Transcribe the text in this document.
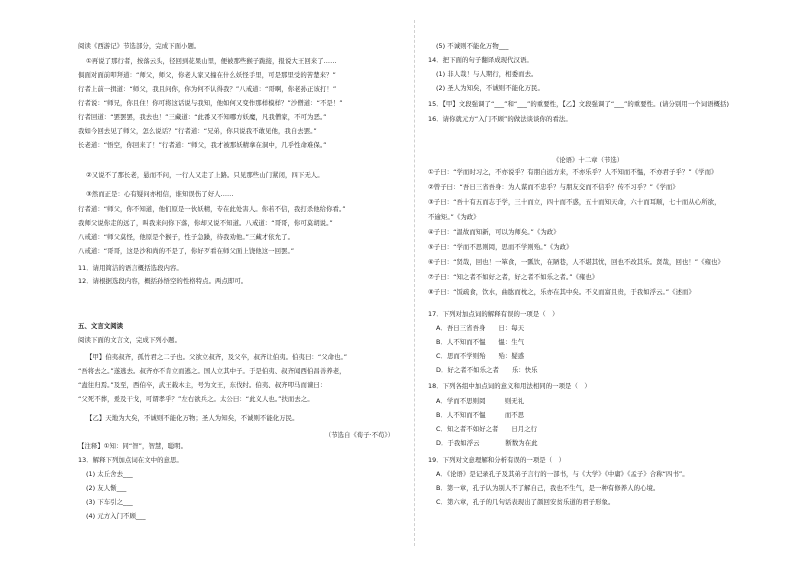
阅读《西游记》节选部分，完成下面小题。
①再说了那行者，按落云头，径回到花果山里，便被那些猴子跪接，报说大王回来了……
俱面对面前叩拜道：“师父，师父，你老人家又撞在什么妖怪手里，可是那里受的苦楚来？”
行者上前一揖道：“师父，我且问你，你为何不认得我？”八戒道：“哥啊，你老孙正该打！”
行者说：“师兄，你且住！你可将这话说与我知，他如何又变作那样模样？”沙僧道：“不是！”
行者回道：“罢罢罢，我去也！”三藏道：“此番又不知哪方妖魔，凡我僧家，不可为恶。”
我如今回去见了师父，怎么说话？”行者道：“兄弟，你只说我不敢见他，我自去罢。”
长老道：“悟空，你回来了！”行者道：“师父，我才被那妖精拿在洞中，几乎性命难保。”
②又说不了那长老，悬而不问，一行人又走了上路。只见那些山门紧闭，四下无人。
③然而正是：心有疑问亦相信，谁知误伤了好人……
行者道：“师父，你不知道，他们原是一伙妖精，专在此处害人。你若不信，我打杀他给你看。”
我师父说你走的远了，叫我来问你下落，你却又说不知道。八戒道：“哥哥，你可莫胡说。”
八戒道：“师父莫怪，他原是个猴子，性子急躁，待我劝他。”三藏才依允了。
八戒道：“哥哥，这是沙和尚的不是了，你好歹看在师父面上饶他这一回罢。”
11．请用简洁的语言概括选段内容。
12．请根据选段内容，概括孙悟空的性格特点。两点即可。
五、文言文阅读
阅读下面的文言文，完成下列小题。
【甲】伯夷叔齐，孤竹君之二子也。父欲立叔齐，及父卒，叔齐让伯夷。伯夷曰：“父命也。”
“吾将去之。”遂逃去。叔齐亦不肯立而逃之。国人立其中子。于是伯夷、叔齐闻西伯昌善养老，
“盍往归焉。”及至，西伯卒，武王载木主，号为文王，东伐纣。伯夷、叔齐叩马而谏曰：
“父死不葬，爰及干戈，可谓孝乎？”左右欲兵之。太公曰：“此义人也。”扶而去之。
【乙】天地为大矣，不诚则不能化万物；圣人为知矣，不诚则不能化万民。
（节选自《荀子·不苟》）
【注释】①知：同“智”，智慧，聪明。
13．解释下列加点词在文中的意思。
(1) 太丘舍去___
(2) 友人惭___
(3) 下车引之___
(4) 元方入门不顾___
(5) 不诚则不能化万物___
14．把下面的句子翻译成现代汉语。
(1) 非人哉！与人期行，相委而去。
(2) 圣人为知矣，不诚则不能化万民。
15．【甲】文段强调了“___”和“___”的重要性，【乙】文段强调了“___”的重要性。(请分别用一个词语概括)
16．请你就元方“入门不顾”的做法谈谈你的看法。
《论语》十二章（节选）
①子曰：“学而时习之，不亦说乎？有朋自远方来，不亦乐乎？人不知而不愠，不亦君子乎？”《学而》
②曾子曰：“吾日三省吾身：为人谋而不忠乎？与朋友交而不信乎？传不习乎？”《学而》
③子曰：“吾十有五而志于学，三十而立，四十而不惑，五十而知天命，六十而耳顺，七十而从心所欲，
不逾矩。”《为政》
④子曰：“温故而知新，可以为师矣。”《为政》
⑤子曰：“学而不思则罔，思而不学则殆。”《为政》
⑥子曰：“贤哉，回也！一箪食，一瓢饮，在陋巷，人不堪其忧，回也不改其乐。贤哉，回也！”《雍也》
⑦子曰：“知之者不如好之者，好之者不如乐之者。”《雍也》
⑧子曰：“饭疏食，饮水，曲肱而枕之，乐亦在其中矣。不义而富且贵，于我如浮云。”《述而》
17．下列对加点词的解释有误的一项是（　）
A．吾日三省吾身　　日：每天
B．人不知而不愠　　愠：生气
C．思而不学则殆　　殆：疑惑
D．好之者不如乐之者　　乐：快乐
18．下列各组中加点词的意义和用法相同的一项是（　）
A．学而不思则罔　　　则无礼
B．人不知而不愠　　　而不思
C．知之者不如好之者　　日月之行
D．于我如浮云　　　　断数为在此
19．下列对文意理解和分析有误的一项是（　）
A．《论语》是记录孔子及其弟子言行的一部书，与《大学》《中庸》《孟子》合称“四书”。
B．第一章，孔子认为别人不了解自己，我也不生气，是一种有修养人的心境。
C．第六章，孔子的几句话表现出了颜回安贫乐道的君子形象。
